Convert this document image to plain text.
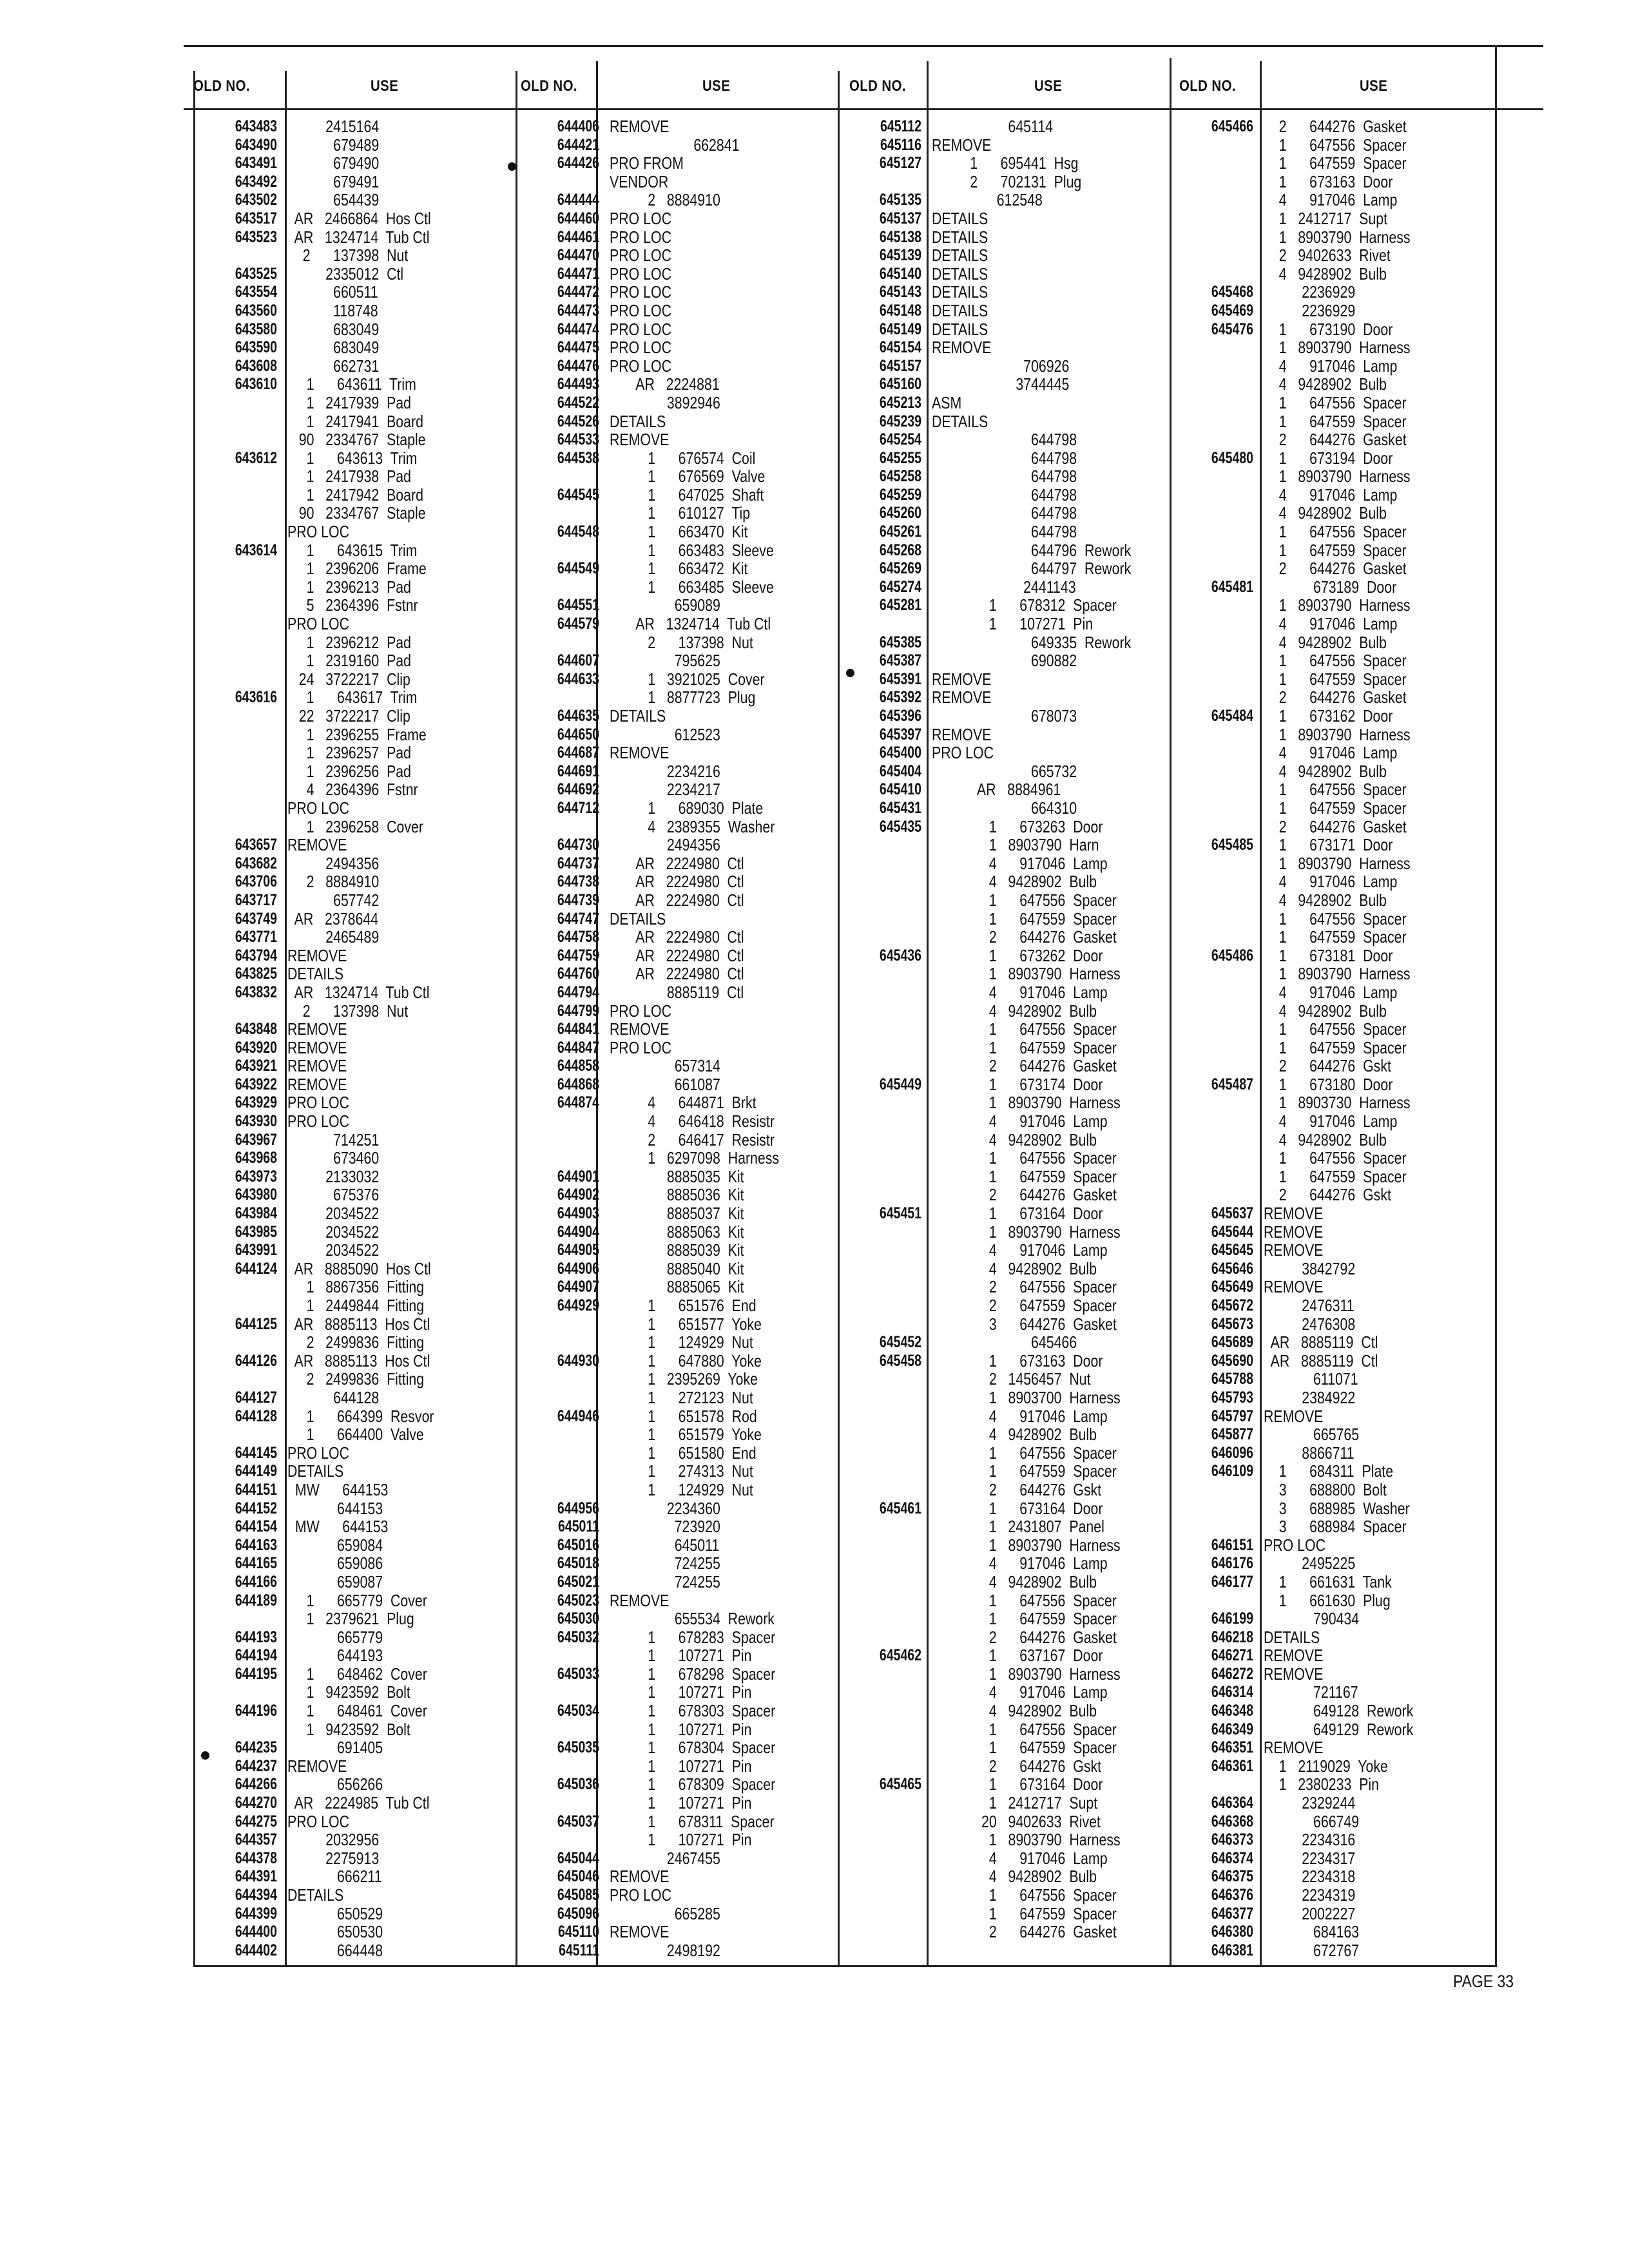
OLD NO.	USE	OLD NO.	USE	OLD NO.	USE	OLD NO.	USE
643483 2415164
643490 679489
643491 679490
643492 679491
643502 654439
643517 AR   2466864  Hos Ctl
643523 AR   1324714  Tub Ctl
2      137398  Nut
643525 2335012  Ctl
643554 660511
643560 118748
643580 683049
643590 683049
643608 662731
643610 1      643611  Trim
1   2417939  Pad
1   2417941  Board
90   2334767  Staple
643612 1      643613  Trim
1   2417938  Pad
1   2417942  Board
90   2334767  Staple
PRO LOC
643614 1      643615  Trim
1   2396206  Frame
1   2396213  Pad
5   2364396  Fstnr
PRO LOC
1   2396212  Pad
1   2319160  Pad
24   3722217  Clip
643616 1      643617  Trim
22   3722217  Clip
1   2396255  Frame
1   2396257  Pad
1   2396256  Pad
4   2364396  Fstnr
PRO LOC
1   2396258  Cover
643657 REMOVE
643682 2494356
643706 2   8884910
643717 657742
643749 AR   2378644
643771 2465489
643794 REMOVE
643825 DETAILS
643832 AR   1324714  Tub Ctl
2      137398  Nut
643848 REMOVE
643920 REMOVE
643921 REMOVE
643922 REMOVE
643929 PRO LOC
643930 PRO LOC
643967 714251
643968 673460
643973 2133032
643980 675376
643984 2034522
643985 2034522
643991 2034522
644124 AR   8885090  Hos Ctl
1   8867356  Fitting
1   2449844  Fitting
644125 AR   8885113  Hos Ctl
2   2499836  Fitting
644126 AR   8885113  Hos Ctl
2   2499836  Fitting
644127 644128
644128 1      664399  Resvor
1      664400  Valve
644145 PRO LOC
644149 DETAILS
644151 MW      644153
644152 644153
644154 MW      644153
644163 659084
644165 659086
644166 659087
644189 1      665779  Cover
1   2379621  Plug
644193 665779
644194 644193
644195 1      648462  Cover
1   9423592  Bolt
644196 1      648461  Cover
1   9423592  Bolt
644235 691405
644237 REMOVE
644266 656266
644270 AR   2224985  Tub Ctl
644275 PRO LOC
644357 2032956
644378 2275913
644391 666211
644394 DETAILS
644399 650529
644400 650530
644402 664448
644406 REMOVE
644421 662841
644426 PRO FROM
VENDOR
644444 2   8884910
644460 PRO LOC
644461 PRO LOC
644470 PRO LOC
644471 PRO LOC
644472 PRO LOC
644473 PRO LOC
644474 PRO LOC
644475 PRO LOC
644476 PRO LOC
644493 AR   2224881
644522 3892946
644526 DETAILS
644533 REMOVE
644538 1      676574  Coil
1      676569  Valve
644545 1      647025  Shaft
1      610127  Tip
644548 1      663470  Kit
1      663483  Sleeve
644549 1      663472  Kit
1      663485  Sleeve
644551 659089
644579 AR   1324714  Tub Ctl
2      137398  Nut
644607 795625
644633 1   3921025  Cover
1   8877723  Plug
644635 DETAILS
644650 612523
644687 REMOVE
644691 2234216
644692 2234217
644712 1      689030  Plate
4   2389355  Washer
644730 2494356
644737 AR   2224980  Ctl
644738 AR   2224980  Ctl
644739 AR   2224980  Ctl
644747 DETAILS
644758 AR   2224980  Ctl
644759 AR   2224980  Ctl
644760 AR   2224980  Ctl
644794 8885119  Ctl
644799 PRO LOC
644841 REMOVE
644847 PRO LOC
644858 657314
644868 661087
644874 4      644871  Brkt
4      646418  Resistr
2      646417  Resistr
1   6297098  Harness
644901 8885035  Kit
644902 8885036  Kit
644903 8885037  Kit
644904 8885063  Kit
644905 8885039  Kit
644906 8885040  Kit
644907 8885065  Kit
644929 1      651576  End
1      651577  Yoke
1      124929  Nut
644930 1      647880  Yoke
1   2395269  Yoke
1      272123  Nut
644946 1      651578  Rod
1      651579  Yoke
1      651580  End
1      274313  Nut
1      124929  Nut
644956 2234360
645011 723920
645016 645011
645018 724255
645021 724255
645023 REMOVE
645030 655534  Rework
645032 1      678283  Spacer
1      107271  Pin
645033 1      678298  Spacer
1      107271  Pin
645034 1      678303  Spacer
1      107271  Pin
645035 1      678304  Spacer
1      107271  Pin
645036 1      678309  Spacer
1      107271  Pin
645037 1      678311  Spacer
1      107271  Pin
645044 2467455
645046 REMOVE
645085 PRO LOC
645096 665285
645110 REMOVE
645111 2498192
645112 645114
645116 REMOVE
645127 1      695441  Hsg
2      702131  Plug
645135 612548
645137 DETAILS
645138 DETAILS
645139 DETAILS
645140 DETAILS
645143 DETAILS
645148 DETAILS
645149 DETAILS
645154 REMOVE
645157 706926
645160 3744445
645213 ASM
645239 DETAILS
645254 644798
645255 644798
645258 644798
645259 644798
645260 644798
645261 644798
645268 644796  Rework
645269 644797  Rework
645274 2441143
645281 1      678312  Spacer
1      107271  Pin
645385 649335  Rework
645387 690882
645391 REMOVE
645392 REMOVE
645396 678073
645397 REMOVE
645400 PRO LOC
645404 665732
645410 AR   8884961
645431 664310
645435 1      673263  Door
1   8903790  Harn
4      917046  Lamp
4   9428902  Bulb
1      647556  Spacer
1      647559  Spacer
2      644276  Gasket
645436 1      673262  Door
1   8903790  Harness
4      917046  Lamp
4   9428902  Bulb
1      647556  Spacer
1      647559  Spacer
2      644276  Gasket
645449 1      673174  Door
1   8903790  Harness
4      917046  Lamp
4   9428902  Bulb
1      647556  Spacer
1      647559  Spacer
2      644276  Gasket
645451 1      673164  Door
1   8903790  Harness
4      917046  Lamp
4   9428902  Bulb
2      647556  Spacer
2      647559  Spacer
3      644276  Gasket
645452 645466
645458 1      673163  Door
2   1456457  Nut
1   8903700  Harness
4      917046  Lamp
4   9428902  Bulb
1      647556  Spacer
1      647559  Spacer
2      644276  Gskt
645461 1      673164  Door
1   2431807  Panel
1   8903790  Harness
4      917046  Lamp
4   9428902  Bulb
1      647556  Spacer
1      647559  Spacer
2      644276  Gasket
645462 1      637167  Door
1   8903790  Harness
4      917046  Lamp
4   9428902  Bulb
1      647556  Spacer
1      647559  Spacer
2      644276  Gskt
645465 1      673164  Door
1   2412717  Supt
20   9402633  Rivet
1   8903790  Harness
4      917046  Lamp
4   9428902  Bulb
1      647556  Spacer
1      647559  Spacer
2      644276  Gasket
645466 2      644276  Gasket
1      647556  Spacer
1      647559  Spacer
1      673163  Door
4      917046  Lamp
1   2412717  Supt
1   8903790  Harness
2   9402633  Rivet
4   9428902  Bulb
645468 2236929
645469 2236929
645476 1      673190  Door
1   8903790  Harness
4      917046  Lamp
4   9428902  Bulb
1      647556  Spacer
1      647559  Spacer
2      644276  Gasket
645480 1      673194  Door
1   8903790  Harness
4      917046  Lamp
4   9428902  Bulb
1      647556  Spacer
1      647559  Spacer
2      644276  Gasket
645481 673189  Door
1   8903790  Harness
4      917046  Lamp
4   9428902  Bulb
1      647556  Spacer
1      647559  Spacer
2      644276  Gasket
645484 1      673162  Door
1   8903790  Harness
4      917046  Lamp
4   9428902  Bulb
1      647556  Spacer
1      647559  Spacer
2      644276  Gasket
645485 1      673171  Door
1   8903790  Harness
4      917046  Lamp
4   9428902  Bulb
1      647556  Spacer
1      647559  Spacer
645486 1      673181  Door
1   8903790  Harness
4      917046  Lamp
4   9428902  Bulb
1      647556  Spacer
1      647559  Spacer
2      644276  Gskt
645487 1      673180  Door
1   8903730  Harness
4      917046  Lamp
4   9428902  Bulb
1      647556  Spacer
1      647559  Spacer
2      644276  Gskt
645637 REMOVE
645644 REMOVE
645645 REMOVE
645646 3842792
645649 REMOVE
645672 2476311
645673 2476308
645689 AR   8885119  Ctl
645690 AR   8885119  Ctl
645788 611071
645793 2384922
645797 REMOVE
645877 665765
646096 8866711
646109 1      684311  Plate
3      688800  Bolt
3      688985  Washer
3      688984  Spacer
646151 PRO LOC
646176 2495225
646177 1      661631  Tank
1      661630  Plug
646199 790434
646218 DETAILS
646271 REMOVE
646272 REMOVE
646314 721167
646348 649128  Rework
646349 649129  Rework
646351 REMOVE
646361 1   2119029  Yoke
1   2380233  Pin
646364 2329244
646368 666749
646373 2234316
646374 2234317
646375 2234318
646376 2234319
646377 2002227
646380 684163
646381 672767
PAGE 33
